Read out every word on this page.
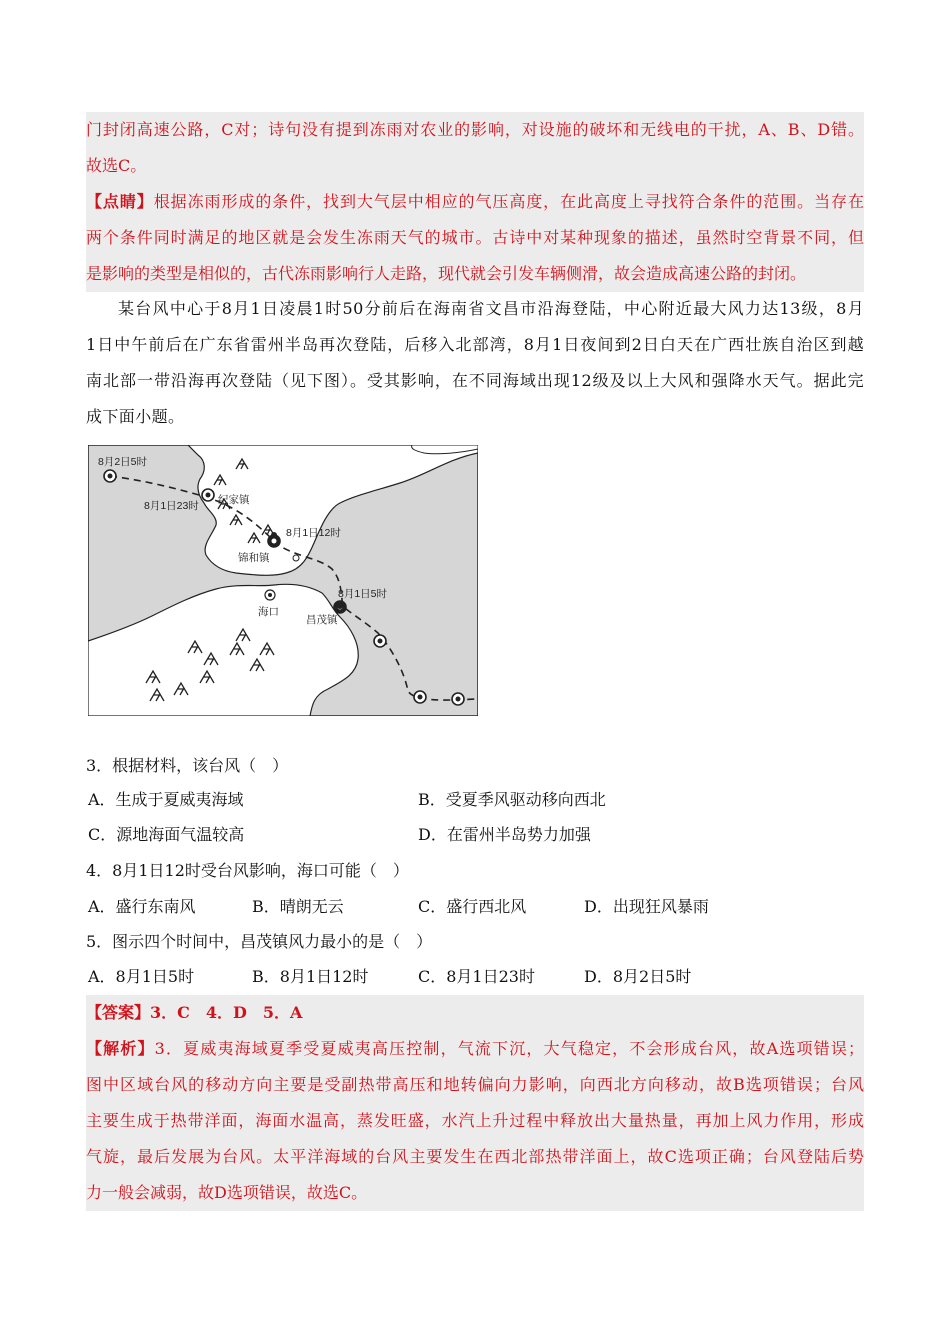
门封闭高速公路，C对；诗句没有提到冻雨对农业的影响，对设施的破坏和无线电的干扰，A、B、D错。
故选C。
【点睛】根据冻雨形成的条件，找到大气层中相应的气压高度，在此高度上寻找符合条件的范围。当存在
两个条件同时满足的地区就是会发生冻雨天气的城市。古诗中对某种现象的描述，虽然时空背景不同，但
是影响的类型是相似的，古代冻雨影响行人走路，现代就会引发车辆侧滑，故会造成高速公路的封闭。
某台风中心于8月1日凌晨1时50分前后在海南省文昌市沿海登陆，中心附近最大风力达13级，8月
1日中午前后在广东省雷州半岛再次登陆，后移入北部湾，8月1日夜间到2日白天在广西壮族自治区到越
南北部一带沿海再次登陆（见下图）。受其影响，在不同海域出现12级及以上大风和强降水天气。据此完
成下面小题。
8月2日5时
8月1日23时
8月1日12时
8月1日5时
纪家镇
锦和镇
海口
昌茂镇
3．根据材料，该台风（　）
A．生成于夏威夷海域	B．受夏季风驱动移向西北
C．源地海面气温较高	D．在雷州半岛势力加强
4．8月1日12时受台风影响，海口可能（　）
A．盛行东南风	B．晴朗无云	C．盛行西北风	D．出现狂风暴雨
5．图示四个时间中，昌茂镇风力最小的是（　）
A．8月1日5时	B．8月1日12时	C．8月1日23时	D．8月2日5时
【答案】3．C　4．D　5．A
【解析】3．夏威夷海域夏季受夏威夷高压控制，气流下沉，大气稳定，不会形成台风，故A选项错误；
图中区域台风的移动方向主要是受副热带高压和地转偏向力影响，向西北方向移动，故B选项错误；台风
主要生成于热带洋面，海面水温高，蒸发旺盛，水汽上升过程中释放出大量热量，再加上风力作用，形成
气旋，最后发展为台风。太平洋海域的台风主要发生在西北部热带洋面上，故C选项正确；台风登陆后势
力一般会减弱，故D选项错误，故选C。
